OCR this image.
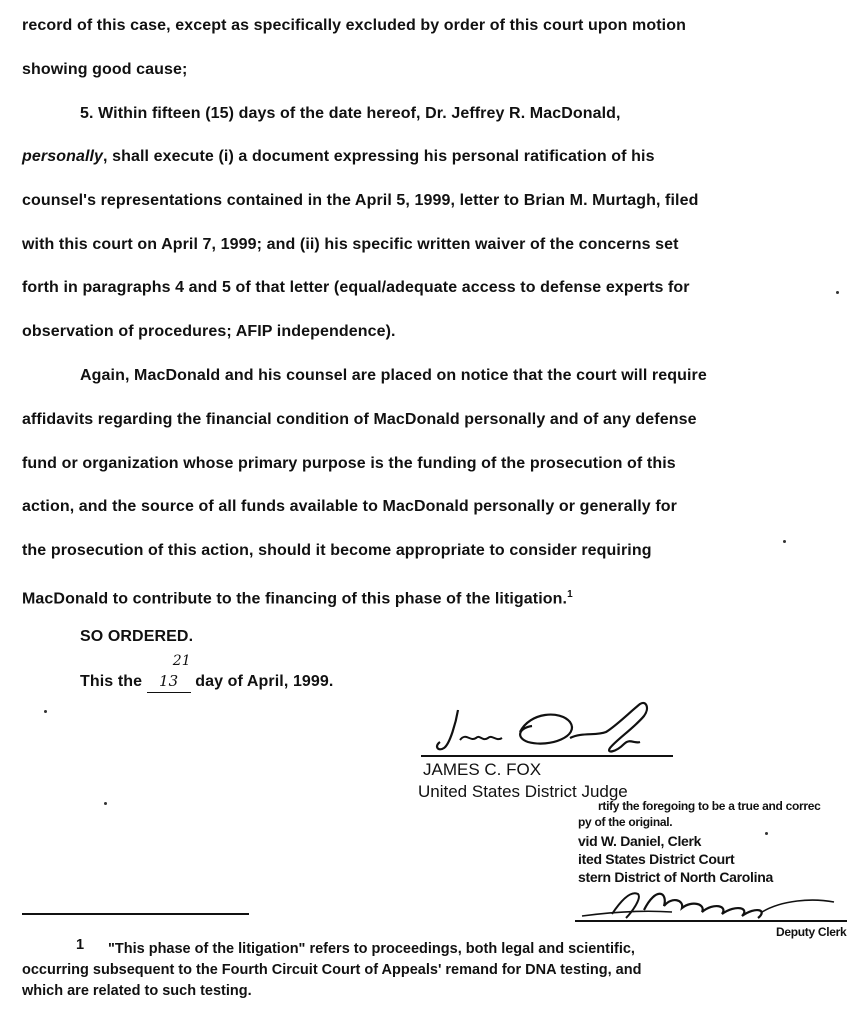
record of this case, except as specifically excluded by order of this court upon motion
showing good cause;
5. Within fifteen (15) days of the date hereof, Dr. Jeffrey R. MacDonald,
personally, shall execute (i) a document expressing his personal ratification of his
counsel's representations contained in the April 5, 1999, letter to Brian M. Murtagh, filed
with this court on April 7, 1999; and (ii) his specific written waiver of the concerns set
forth in paragraphs 4 and 5 of that letter (equal/adequate access to defense experts for
observation of procedures; AFIP independence).
Again, MacDonald and his counsel are placed on notice that the court will require
affidavits regarding the financial condition of MacDonald personally and of any defense
fund or organization whose primary purpose is the funding of the prosecution of this
action, and the source of all funds available to MacDonald personally or generally for
the prosecution of this action, should it become appropriate to consider requiring
MacDonald to contribute to the financing of this phase of the litigation.$^1$
SO ORDERED.
This the 13
21
day of April, 1999.
JAMES C. FOX
United States District Judge
rtify the foregoing to be a true and correc
py of the original.
vid W. Daniel, Clerk
ited States District Court
stern District of North Carolina
Deputy Clerk
1 "This phase of the litigation" refers to proceedings, both legal and scientific,
occurring subsequent to the Fourth Circuit Court of Appeals' remand for DNA testing, and
which are related to such testing.
